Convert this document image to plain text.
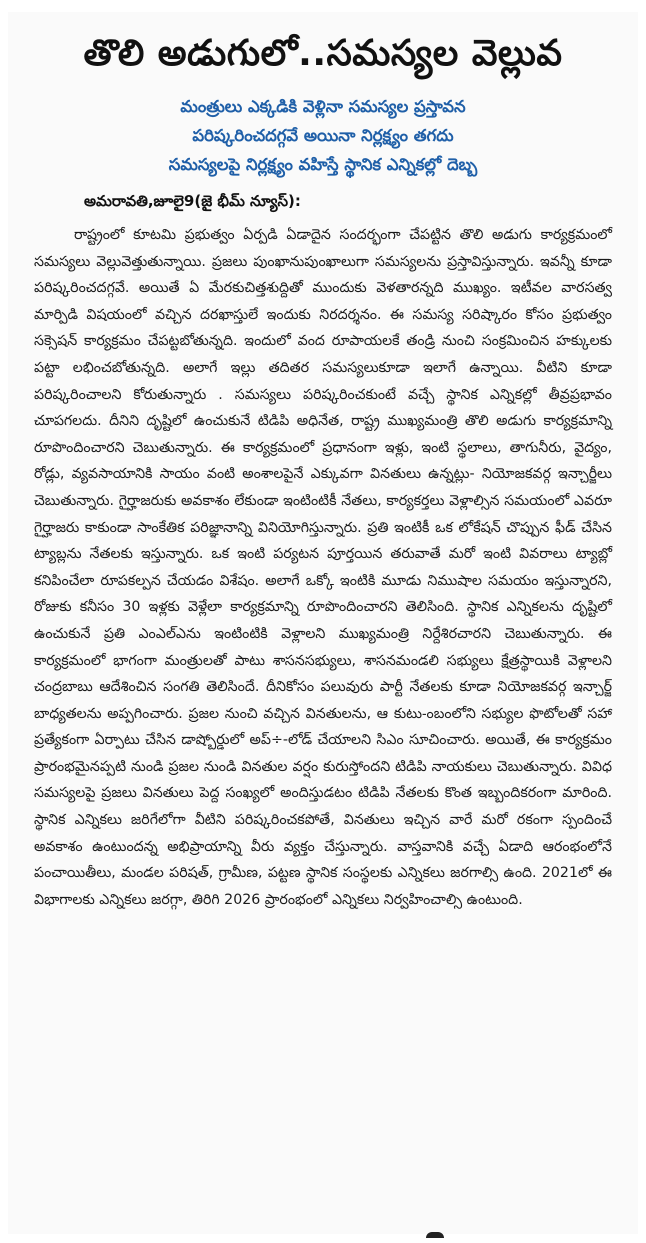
తొలి అడుగులో..సమస్యల వెల్లువ
మంత్రులు ఎక్కడికి వెళ్లినా సమస్యల ప్రస్తావన
పరిష్కరించదగ్గవే అయినా నిర్లక్ష్యం తగదు
సమస్యలపై నిర్లక్ష్యం వహిస్తే స్థానిక ఎన్నికల్లో దెబ్బ
అమరావతి,జూలై9(జై భీమ్ న్యూస్):

రాష్ట్రంలో కూటమి ప్రభుత్వం ఏర్పడి ఏడాదైన సందర్భంగా చేపట్టిన తొలి అడుగు కార్యక్రమంలో సమస్యలు వెల్లువెత్తుతున్నాయి. ప్రజలు పుంఖానుపుంఖాలుగా సమస్యలను ప్రస్తావిస్తున్నారు. ఇవన్నీ కూడా పరిష్కరించదగ్గవే. అయితే ఏ మేరకుచిత్తశుద్దితో ముందుకు వెళతారన్నది ముఖ్యం. ఇటీవల వారసత్వ మార్పిడి విషయంలో వచ్చిన దరఖాస్తులే ఇందుకు నిరదర్శనం. ఈ సమస్య సరిష్కారం కోసం ప్రభుత్వం సక్సెషన్ కార్యక్రమం చేపట్టబోతున్నది. ఇందులో వంద రూపాయలకే తండ్రి నుంచి సంక్రమించిన హక్కులకు పట్టా లభించబోతున్నది. అలాగే ఇల్లు తదితర సమస్యలుకూడా ఇలాగే ఉన్నాయి. వీటిని కూడా పరిష్కరించాలని కోరుతున్నారు . సమస్యలు పరిష్కరించకుంటే వచ్చే స్థానిక ఎన్నికల్లో తీవ్రప్రభావం చూపగలదు. దీనిని దృష్టిలో ఉంచుకునే టిడిపి అధినేత, రాష్ట్ర ముఖ్యమంత్రి తొలి అడుగు కార్యక్రమాన్ని రూపొందించారని చెబుతున్నారు. ఈ కార్యక్రమంలో ప్రధానంగా ఇళ్లు, ఇంటి స్థలాలు, తాగునీరు, వైద్యం, రోడ్లు, వ్యవసాయానికి సాయం వంటి అంశాలపైనే ఎక్కువగా వినతులు ఉన్నట్లు- నియోజకవర్గ ఇన్చార్జీలు చెబుతున్నారు. గైర్హాజరుకు అవకాశం లేకుండా ఇంటింటికీ నేతలు, కార్యకర్తలు వెళ్లాల్సిన సమయంలో ఎవరూ గైర్హాజరు కాకుండా సాంకేతిక పరిజ్ఞానాన్ని వినియోగిస్తున్నారు. ప్రతి ఇంటికీ ఒక లోకేషన్ చొప్పున ఫీడ్ చేసిన ట్యాబ్లను నేతలకు ఇస్తున్నారు. ఒక ఇంటి పర్యటన పూర్తయిన తరువాతే మరో ఇంటి వివరాలు ట్యాబ్లో కనిపించేలా రూపకల్పన చేయడం విశేషం. అలాగే ఒక్కో ఇంటికి మూడు నిముషాల సమయం ఇస్తున్నారని, రోజుకు కనీసం 30 ఇళ్లకు వెళ్లేలా కార్యక్రమాన్ని రూపొందించారని తెలిసింది. స్థానిక ఎన్నికలను దృష్టిలో ఉంచుకునే ప్రతి ఎంఎల్ఎను ఇంటింటికి వెళ్లాలని ముఖ్యమంత్రి నిర్దేశిరచారని చెబుతున్నారు. ఈ కార్యక్రమంలో భాగంగా మంత్రులతో పాటు శాసనసభ్యులు, శాసనమండలి సభ్యులు క్షేత్రస్థాయికి వెళ్లాలని చంద్రబాబు ఆదేశించిన సంగతి తెలిసిందే. దీనికోసం పలువురు పార్టీ నేతలకు కూడా నియోజకవర్గ ఇన్చార్జ్ బాధ్యతలను అప్పగించారు. ప్రజల నుంచి వచ్చిన వినతులను, ఆ కుటు-ంబంలోని సభ్యుల ఫొటోలతో సహా ప్రత్యేకంగా ఏర్పాటు చేసిన డాష్బోర్డులో అప్÷-లోడ్ చేయాలని సిఎం సూచించారు. అయితే, ఈ కార్యక్రమం ప్రారంభమైనప్పటి నుండి ప్రజల నుండి వినతుల వర్షం కురుస్తోందని టిడిపి నాయకులు చెబుతున్నారు. వివిధ సమస్యలపై ప్రజలు వినతులు పెద్ద సంఖ్యలో అందిస్తుడటం టిడిపి నేతలకు కొంత ఇబ్బందికరంగా మారింది. స్థానిక ఎన్నికలు జరిగేలోగా వీటిని పరిష్కరించకపోతే, వినతులు ఇచ్చిన వారే మరో రకంగా స్పందించే అవకాశం ఉంటుందన్న అభిప్రాయాన్ని వీరు వ్యక్తం చేస్తున్నారు. వాస్తవానికి వచ్చే ఏడాది ఆరంభంలోనే పంచాయితీలు, మండల పరిషత్, గ్రామీణ, పట్టణ స్థానిక సంస్థలకు ఎన్నికలు జరగాల్సి ఉంది. 2021లో ఈ విభాగాలకు ఎన్నికలు జరగ్గా, తిరిగి 2026 ప్రారంభంలో ఎన్నికలు నిర్వహించాల్సి ఉంటుంది.
